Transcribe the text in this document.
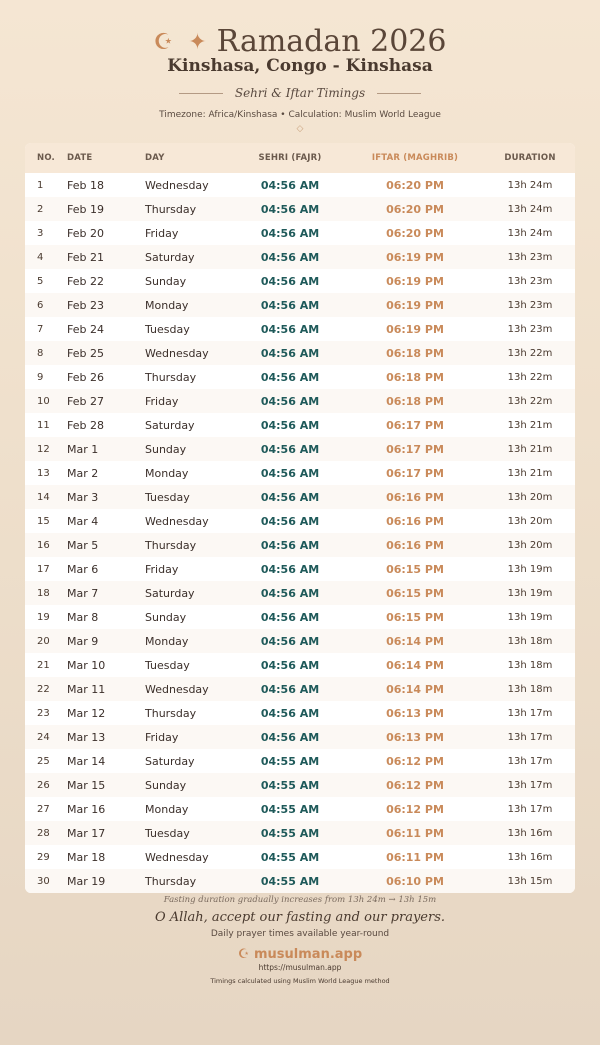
☪ ✦ Ramadan 2026
Kinshasa, Congo - Kinshasa
Sehri & Iftar Timings
Timezone: Africa/Kinshasa • Calculation: Muslim World League
◇
NO.	DATE	DAY	SEHRI (FAJR)	IFTAR (MAGHRIB)	DURATION
1	Feb 18	Wednesday	04:56 AM	06:20 PM	13h 24m
2	Feb 19	Thursday	04:56 AM	06:20 PM	13h 24m
3	Feb 20	Friday	04:56 AM	06:20 PM	13h 24m
4	Feb 21	Saturday	04:56 AM	06:19 PM	13h 23m
5	Feb 22	Sunday	04:56 AM	06:19 PM	13h 23m
6	Feb 23	Monday	04:56 AM	06:19 PM	13h 23m
7	Feb 24	Tuesday	04:56 AM	06:19 PM	13h 23m
8	Feb 25	Wednesday	04:56 AM	06:18 PM	13h 22m
9	Feb 26	Thursday	04:56 AM	06:18 PM	13h 22m
10	Feb 27	Friday	04:56 AM	06:18 PM	13h 22m
11	Feb 28	Saturday	04:56 AM	06:17 PM	13h 21m
12	Mar 1	Sunday	04:56 AM	06:17 PM	13h 21m
13	Mar 2	Monday	04:56 AM	06:17 PM	13h 21m
14	Mar 3	Tuesday	04:56 AM	06:16 PM	13h 20m
15	Mar 4	Wednesday	04:56 AM	06:16 PM	13h 20m
16	Mar 5	Thursday	04:56 AM	06:16 PM	13h 20m
17	Mar 6	Friday	04:56 AM	06:15 PM	13h 19m
18	Mar 7	Saturday	04:56 AM	06:15 PM	13h 19m
19	Mar 8	Sunday	04:56 AM	06:15 PM	13h 19m
20	Mar 9	Monday	04:56 AM	06:14 PM	13h 18m
21	Mar 10	Tuesday	04:56 AM	06:14 PM	13h 18m
22	Mar 11	Wednesday	04:56 AM	06:14 PM	13h 18m
23	Mar 12	Thursday	04:56 AM	06:13 PM	13h 17m
24	Mar 13	Friday	04:56 AM	06:13 PM	13h 17m
25	Mar 14	Saturday	04:55 AM	06:12 PM	13h 17m
26	Mar 15	Sunday	04:55 AM	06:12 PM	13h 17m
27	Mar 16	Monday	04:55 AM	06:12 PM	13h 17m
28	Mar 17	Tuesday	04:55 AM	06:11 PM	13h 16m
29	Mar 18	Wednesday	04:55 AM	06:11 PM	13h 16m
30	Mar 19	Thursday	04:55 AM	06:10 PM	13h 15m
Fasting duration gradually increases from 13h 24m → 13h 15m
O Allah, accept our fasting and our prayers.
Daily prayer times available year-round
☪ musulman.app
https://musulman.app
Timings calculated using Muslim World League method
